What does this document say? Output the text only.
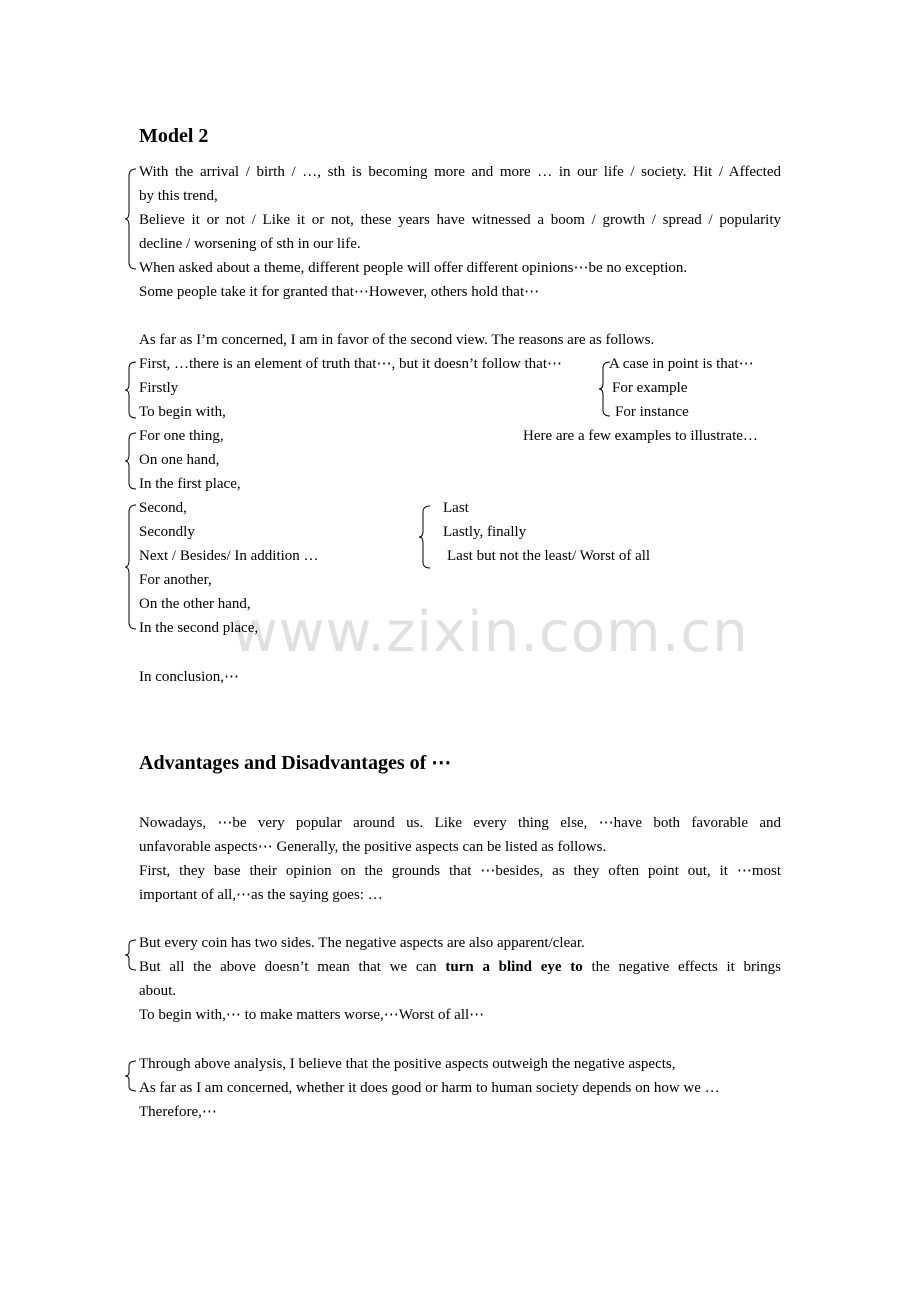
Model 2
With the arrival / birth / …, sth is becoming more and more … in our life / society. Hit / Affected
by this trend,
Believe it or not / Like it or not, these years have witnessed a boom / growth / spread / popularity
decline / worsening of sth in our life.
When asked about a theme, different people will offer different opinions⋯be no exception.
Some people take it for granted that⋯However, others hold that⋯
As far as I’m concerned, I am in favor of the second view. The reasons are as follows.
First, …there is an element of truth that⋯, but it doesn’t follow that⋯
Firstly
To begin with,
A case in point is that⋯
For example
For instance
For one thing,	Here are a few examples to illustrate…
On one hand,
In the first place,
Second,
Secondly
Next / Besides/ In addition …
For another,
On the other hand,
In the second place,
Last
Lastly, finally
Last but not the least/ Worst of all
In conclusion,⋯
Advantages and Disadvantages of ⋯
Nowadays, ⋯be very popular around us. Like every thing else, ⋯have both favorable and
unfavorable aspects⋯ Generally, the positive aspects can be listed as follows.
First, they base their opinion on the grounds that ⋯besides, as they often point out, it ⋯most
important of all,⋯as the saying goes: …
But every coin has two sides. The negative aspects are also apparent/clear.
But all the above doesn’t mean that we can turn a blind eye to the negative effects it brings
about.
To begin with,⋯ to make matters worse,⋯Worst of all⋯
Through above analysis, I believe that the positive aspects outweigh the negative aspects,
As far as I am concerned, whether it does good or harm to human society depends on how we …
Therefore,⋯
www.zixin.com.cn
